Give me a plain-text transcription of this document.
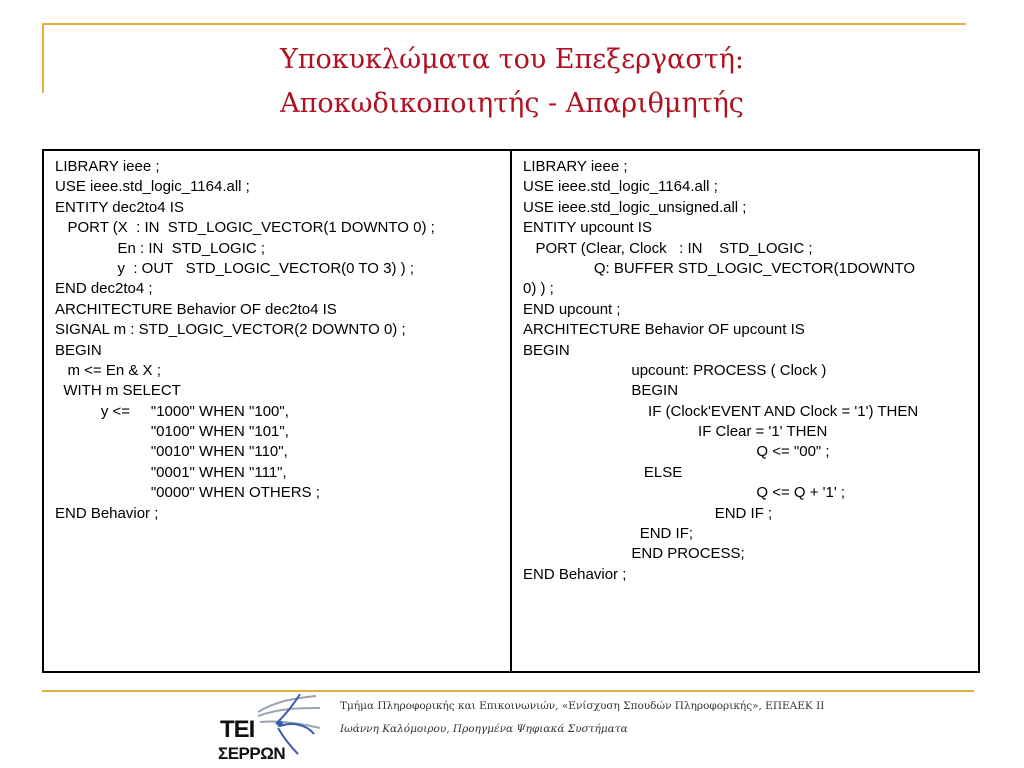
Υποκυκλώματα του Επεξεργαστή:
Αποκωδικοποιητής - Απαριθμητής
LIBRARY ieee ;
USE ieee.std_logic_1164.all ;
ENTITY dec2to4 IS
PORT (X  : IN  STD_LOGIC_VECTOR(1 DOWNTO 0) ;
En : IN  STD_LOGIC ;
y  : OUT   STD_LOGIC_VECTOR(0 TO 3) ) ;
END dec2to4 ;
ARCHITECTURE Behavior OF dec2to4 IS
SIGNAL m : STD_LOGIC_VECTOR(2 DOWNTO 0) ;
BEGIN
m <= En & X ;
WITH m SELECT
y <=     "1000" WHEN "100",
"0100" WHEN "101",
"0010" WHEN "110",
"0001" WHEN "111",
"0000" WHEN OTHERS ;
END Behavior ;
LIBRARY ieee ;
USE ieee.std_logic_1164.all ;
USE ieee.std_logic_unsigned.all ;
ENTITY upcount IS
PORT (Clear, Clock   : IN    STD_LOGIC ;
Q: BUFFER STD_LOGIC_VECTOR(1DOWNTO
0) ) ;
END upcount ;
ARCHITECTURE Behavior OF upcount IS
BEGIN
upcount: PROCESS ( Clock )
BEGIN
IF (Clock'EVENT AND Clock = '1') THEN
IF Clear = '1' THEN
Q <= "00" ;
ELSE
Q <= Q + '1' ;
END IF ;
END IF;
END PROCESS;
END Behavior ;
ΤΕΙ
ΣΕΡΡΩΝ
Τμήμα Πληροφορικής και Επικοινωνιών, «Ενίσχυση Σπουδών Πληροφορικής», ΕΠΕΑΕΚ ΙΙ
Ιωάννη Καλόμοιρου, Προηγμένα Ψηφιακά Συστήματα
